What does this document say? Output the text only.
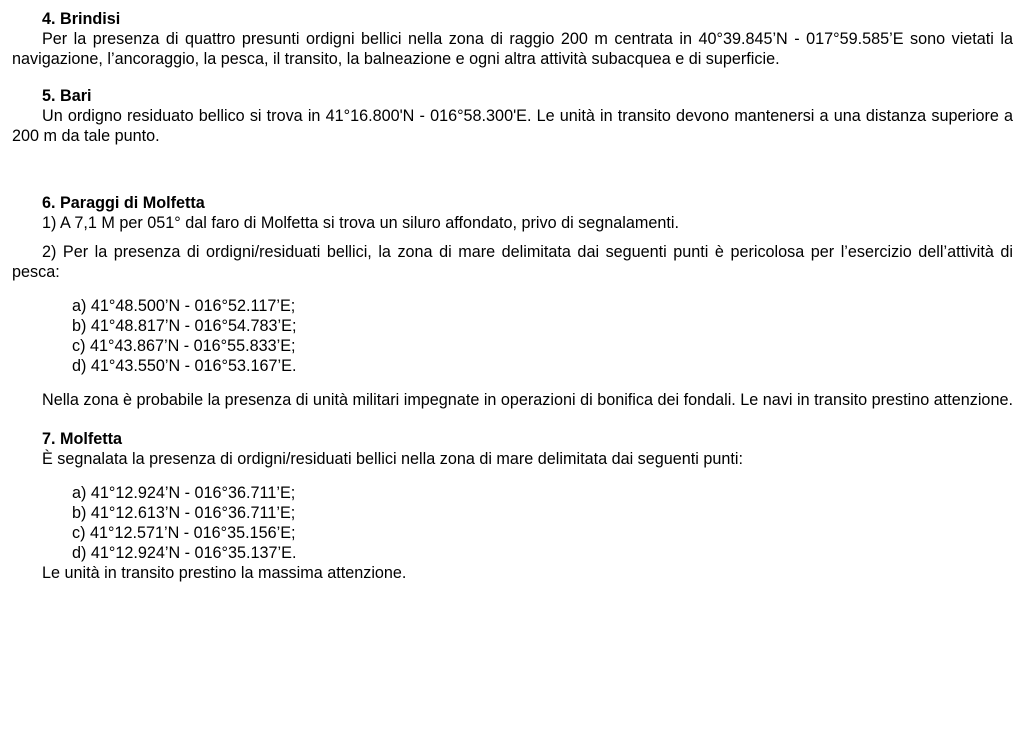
4. Brindisi
Per la presenza di quattro presunti ordigni bellici nella zona di raggio 200 m centrata in 40°39.845’N - 017°59.585’E sono vietati la navigazione, l’ancoraggio, la pesca, il transito, la balneazione e ogni altra attività subacquea e di superficie.
5. Bari
Un ordigno residuato bellico si trova in 41°16.800'N - 016°58.300'E. Le unità in transito devono mantenersi a una distanza superiore a 200 m da tale punto.
6. Paraggi di Molfetta
1) A 7,1 M per 051° dal faro di Molfetta si trova un siluro affondato, privo di segnalamenti.
2) Per la presenza di ordigni/residuati bellici, la zona di mare delimitata dai seguenti punti è pericolosa per l’esercizio dell’attività di pesca:
a) 41°48.500’N - 016°52.117’E;
b) 41°48.817’N - 016°54.783’E;
c) 41°43.867’N - 016°55.833’E;
d) 41°43.550’N - 016°53.167’E.
Nella zona è probabile la presenza di unità militari impegnate in operazioni di bonifica dei fondali. Le navi in transito prestino attenzione.
7. Molfetta
È segnalata la presenza di ordigni/residuati bellici nella zona di mare delimitata dai seguenti punti:
a) 41°12.924’N - 016°36.711’E;
b) 41°12.613’N - 016°36.711’E;
c) 41°12.571’N - 016°35.156’E;
d) 41°12.924’N - 016°35.137’E.
Le unità in transito prestino la massima attenzione.
